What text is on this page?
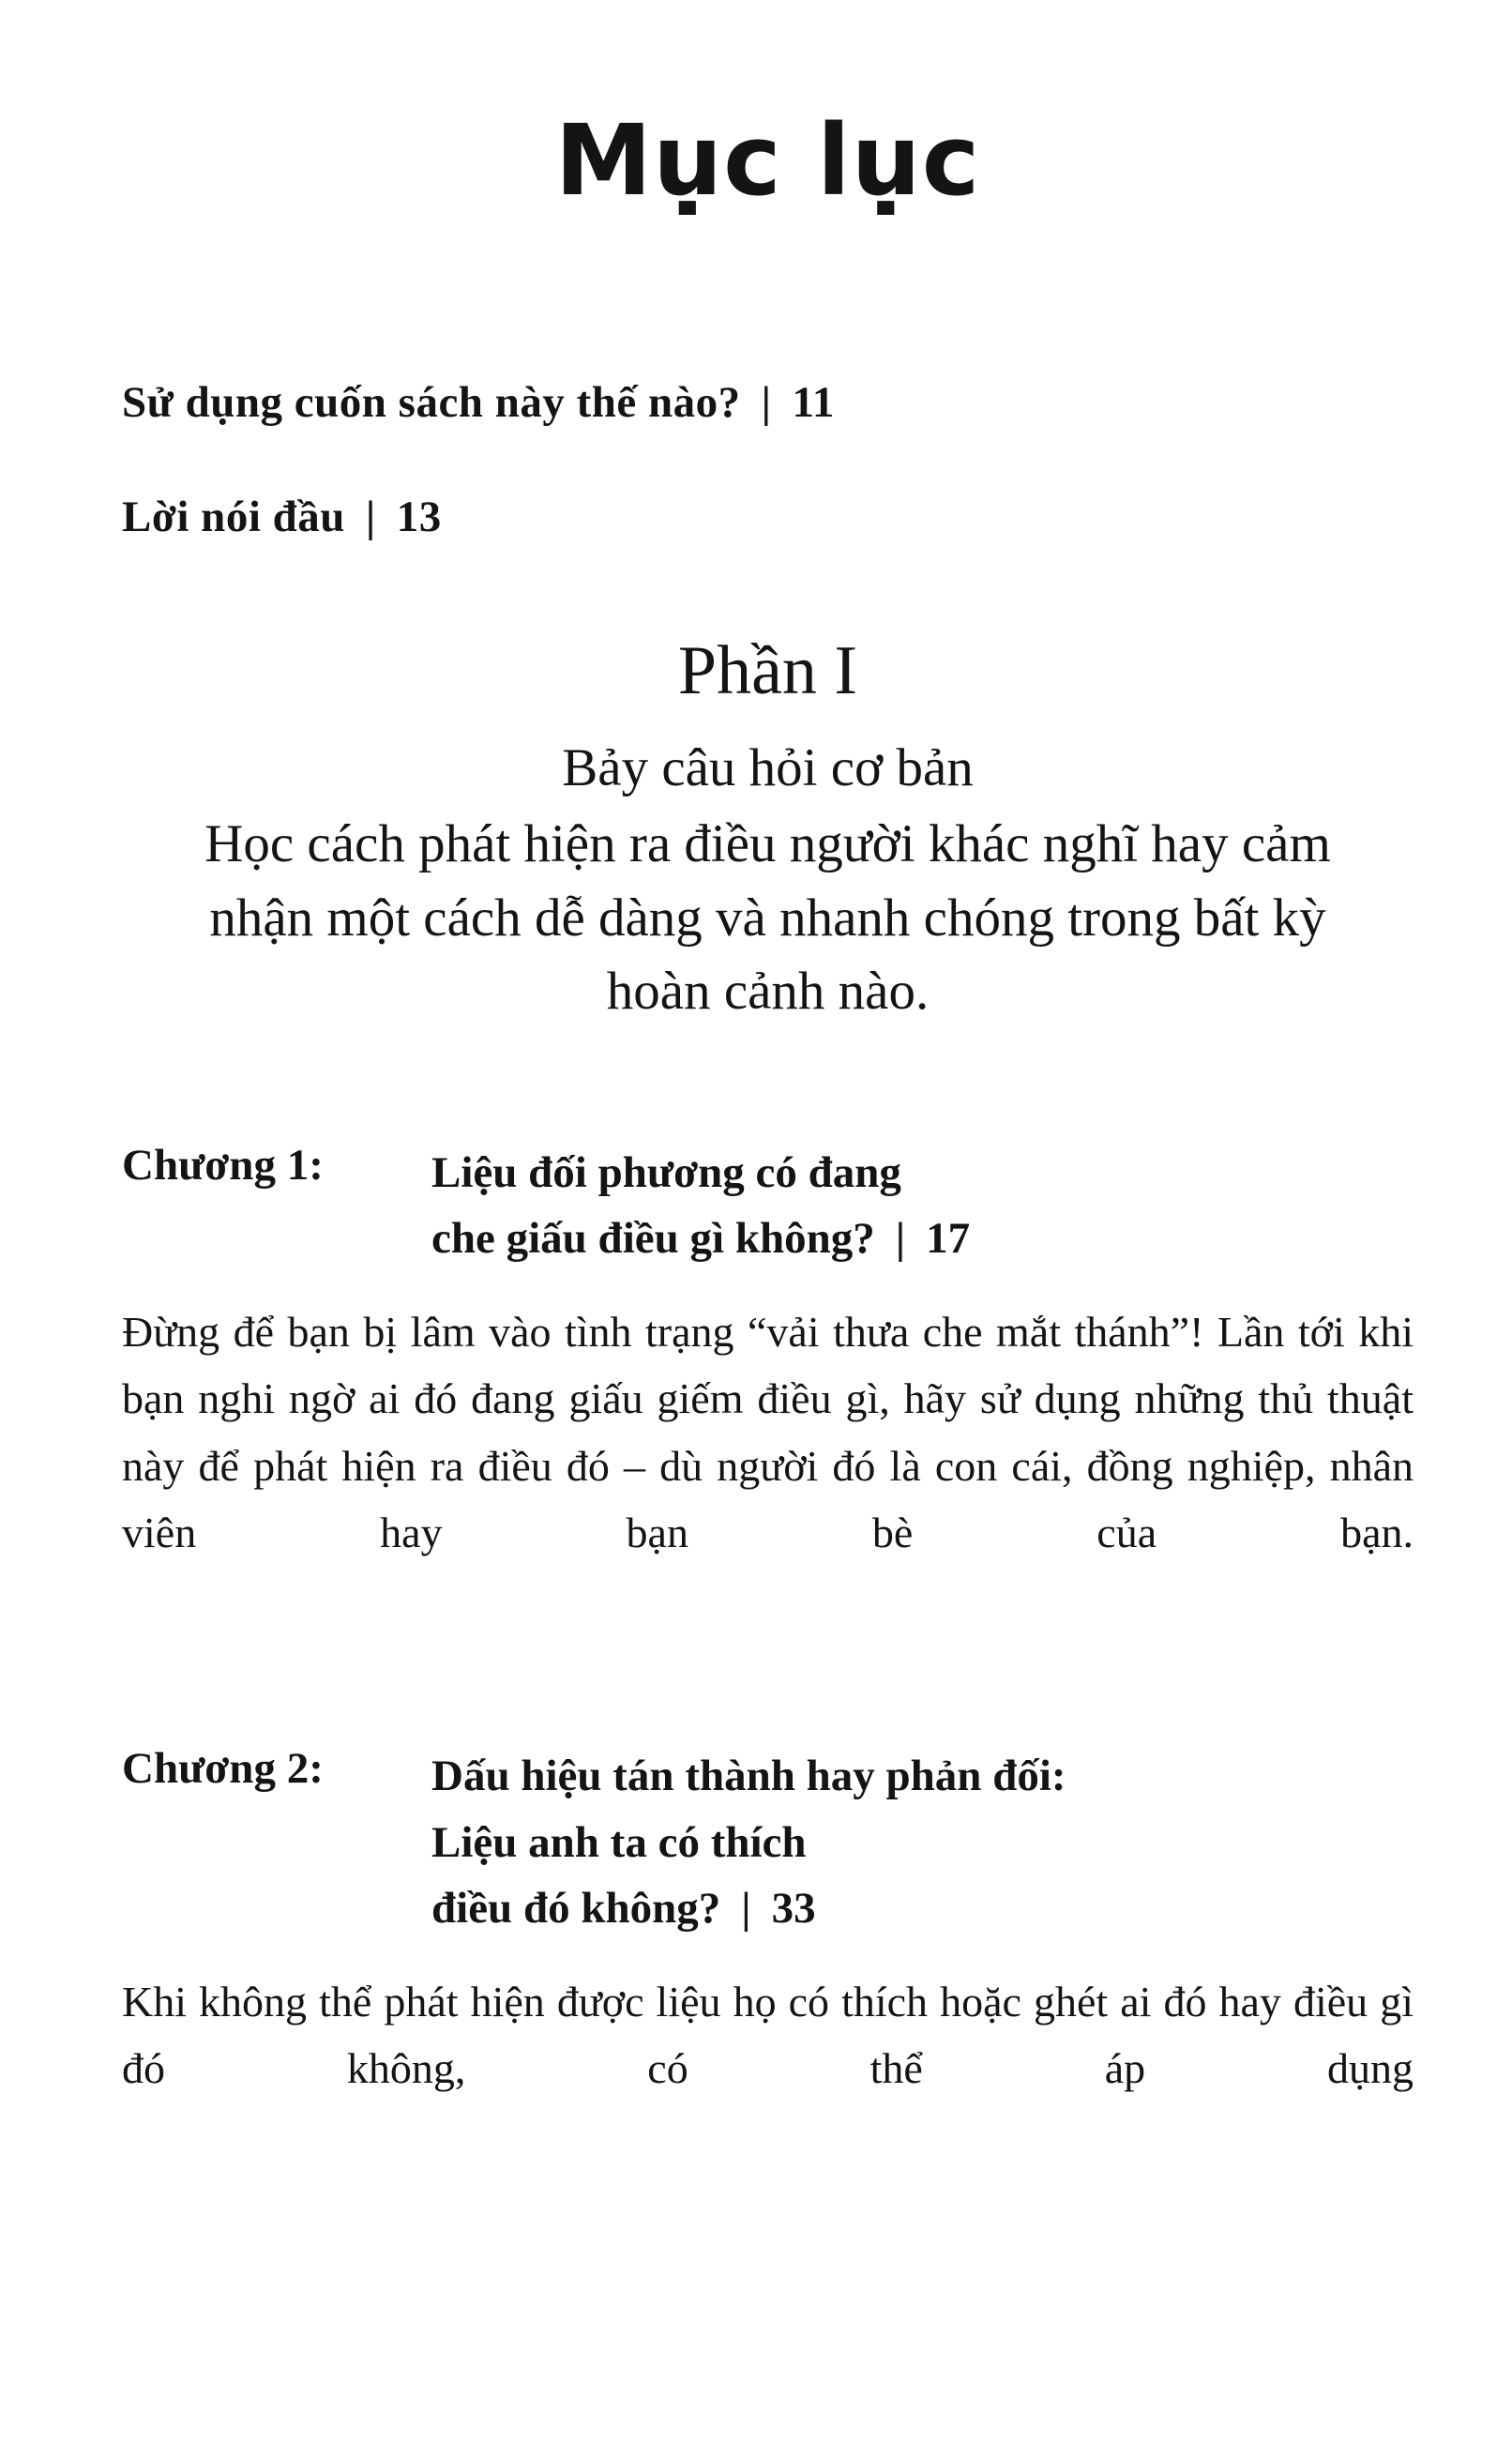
Mục lục
Sử dụng cuốn sách này thế nào? | 11
Lời nói đầu | 13
Phần I
Bảy câu hỏi cơ bản
Học cách phát hiện ra điều người khác nghĩ hay cảm nhận một cách dễ dàng và nhanh chóng trong bất kỳ hoàn cảnh nào.
Chương 1:	Liệu đối phương có đang
che giấu điều gì không? | 17

Đừng để bạn bị lâm vào tình trạng “vải thưa che mắt thánh”! Lần tới khi bạn nghi ngờ ai đó đang giấu giếm điều gì, hãy sử dụng những thủ thuật này để phát hiện ra điều đó – dù người đó là con cái, đồng nghiệp, nhân viên hay bạn bè của bạn.

Chương 2:	Dấu hiệu tán thành hay phản đối:
Liệu anh ta có thích
điều đó không? | 33

Khi không thể phát hiện được liệu họ có thích hoặc ghét ai đó hay điều gì đó không, có thể áp dụng
